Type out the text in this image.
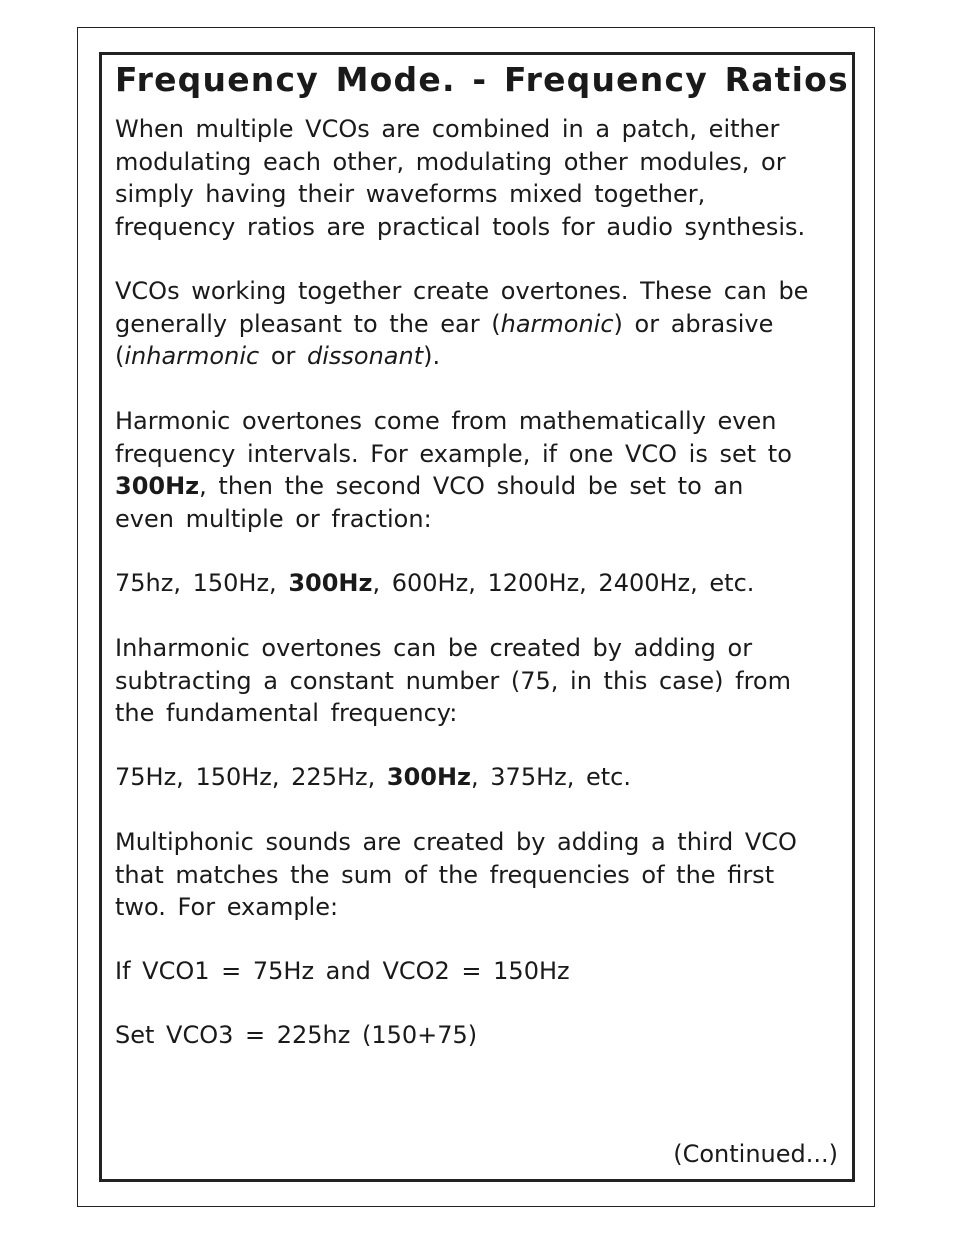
Frequency Mode. - Frequency Ratios
When multiple VCOs are combined in a patch, either
modulating each other, modulating other modules, or
simply having their waveforms mixed together,
frequency ratios are practical tools for audio synthesis.
VCOs working together create overtones. These can be
generally pleasant to the ear (harmonic) or abrasive
(inharmonic or dissonant).
Harmonic overtones come from mathematically even
frequency intervals. For example, if one VCO is set to
300Hz, then the second VCO should be set to an
even multiple or fraction:
75hz, 150Hz, 300Hz, 600Hz, 1200Hz, 2400Hz, etc.
Inharmonic overtones can be created by adding or
subtracting a constant number (75, in this case) from
the fundamental frequency:
75Hz, 150Hz, 225Hz, 300Hz, 375Hz, etc.
Multiphonic sounds are created by adding a third VCO
that matches the sum of the frequencies of the first
two. For example:
If VCO1 = 75Hz and VCO2 = 150Hz
Set VCO3 = 225hz (150+75)
(Continued...)
